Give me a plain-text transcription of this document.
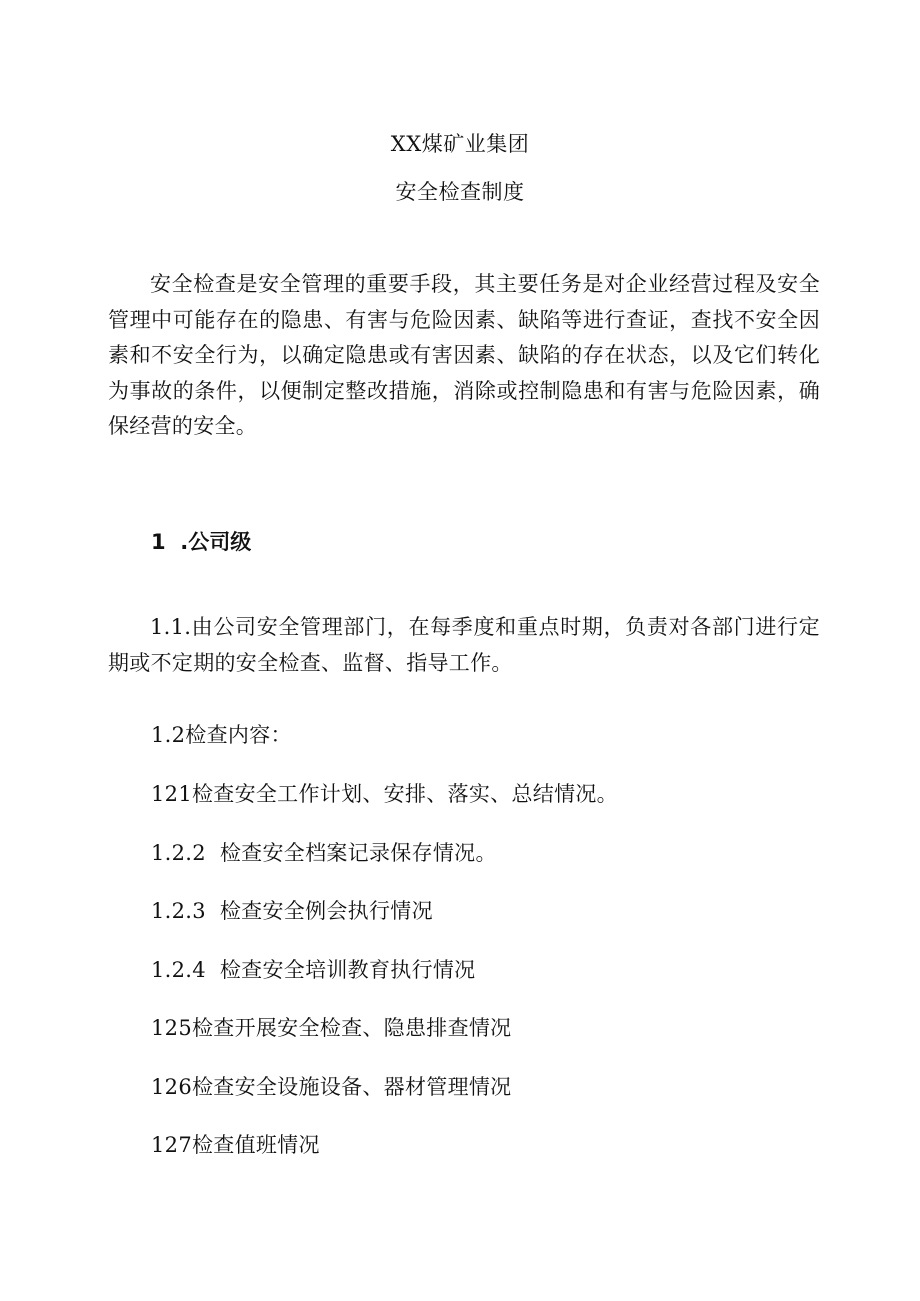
XX煤矿业集团
安全检查制度
安全检查是安全管理的重要手段，其主要任务是对企业经营过程及安全管理中可能存在的隐患、有害与危险因素、缺陷等进行查证，查找不安全因素和不安全行为，以确定隐患或有害因素、缺陷的存在状态，以及它们转化为事故的条件，以便制定整改措施，消除或控制隐患和有害与危险因素，确保经营的安全。
1  .公司级
1.1.由公司安全管理部门，在每季度和重点时期，负责对各部门进行定期或不定期的安全检查、监督、指导工作。
1.2检查内容：
121检查安全工作计划、安排、落实、总结情况。
1.2.2  检查安全档案记录保存情况。
1.2.3  检查安全例会执行情况
1.2.4  检查安全培训教育执行情况
125检查开展安全检查、隐患排查情况
126检查安全设施设备、器材管理情况
127检查值班情况
